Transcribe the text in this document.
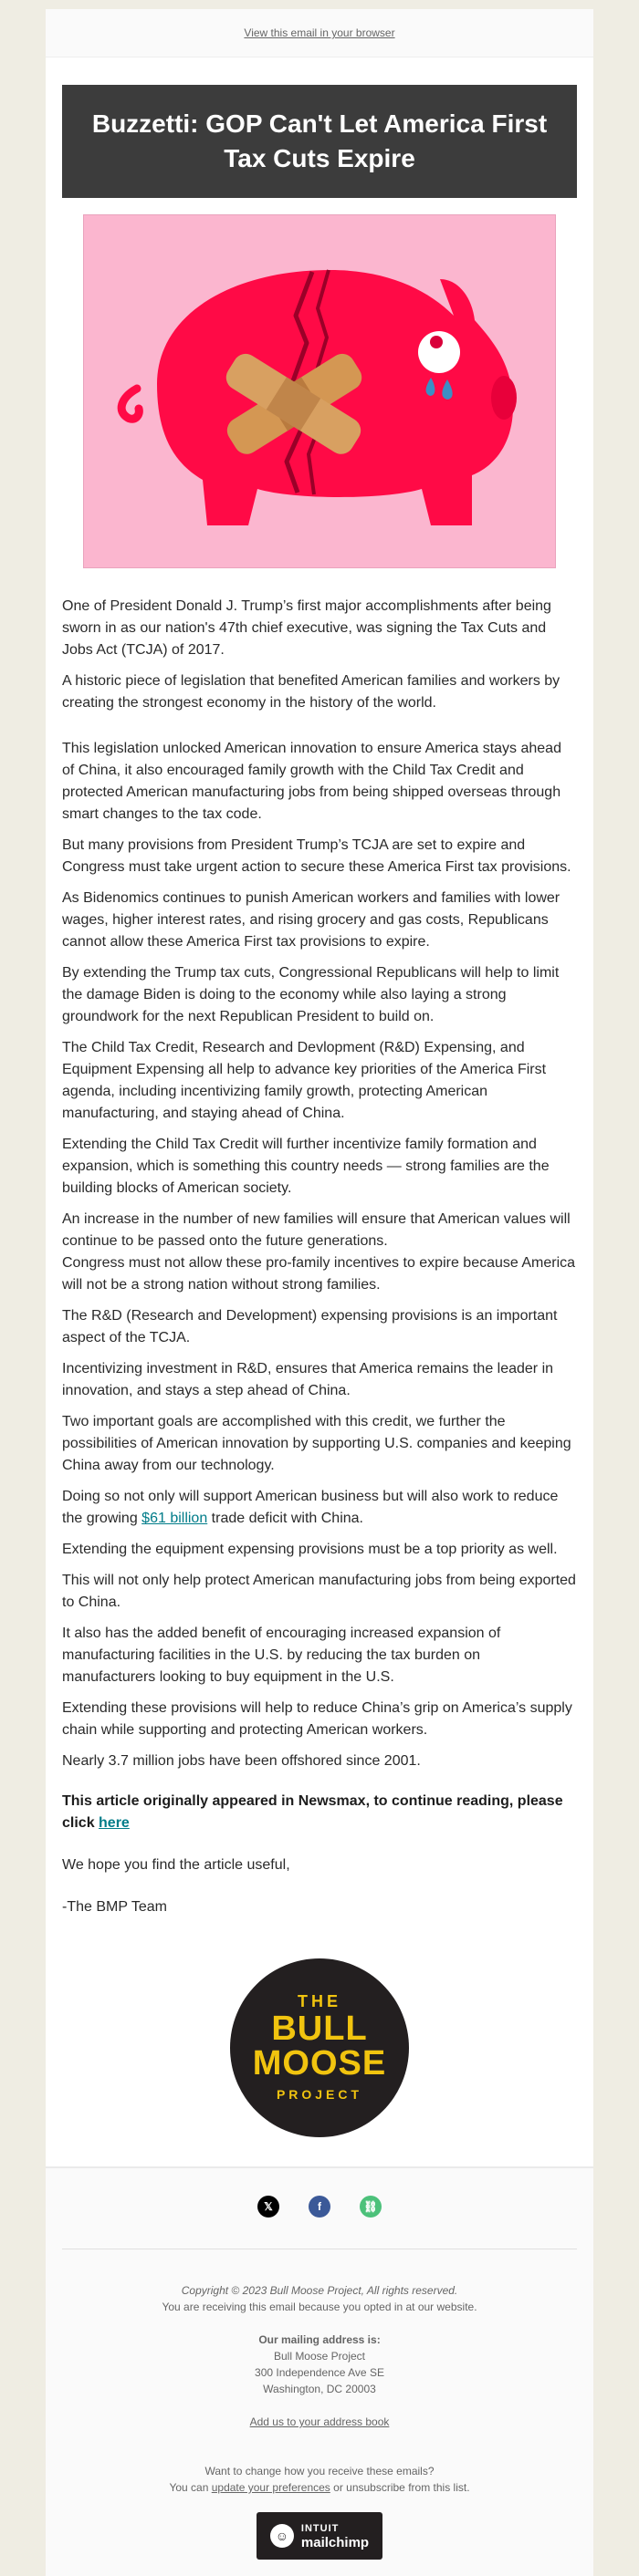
View this email in your browser
Buzzetti: GOP Can't Let America First Tax Cuts Expire

One of President Donald J. Trump’s first major accomplishments after being sworn in as our nation's 47th chief executive, was signing the Tax Cuts and Jobs Act (TCJA) of 2017.

A historic piece of legislation that benefited American families and workers by creating the strongest economy in the history of the world.

This legislation unlocked American innovation to ensure America stays ahead of China, it also encouraged family growth with the Child Tax Credit and protected American manufacturing jobs from being shipped overseas through smart changes to the tax code.

But many provisions from President Trump’s TCJA are set to expire and Congress must take urgent action to secure these America First tax provisions.

As Bidenomics continues to punish American workers and families with lower wages, higher interest rates, and rising grocery and gas costs, Republicans cannot allow these America First tax provisions to expire.

By extending the Trump tax cuts, Congressional Republicans will help to limit the damage Biden is doing to the economy while also laying a strong groundwork for the next Republican President to build on.

The Child Tax Credit, Research and Devlopment (R&D) Expensing, and Equipment Expensing all help to advance key priorities of the America First agenda, including incentivizing family growth, protecting American manufacturing, and staying ahead of China.

Extending the Child Tax Credit will further incentivize family formation and expansion, which is something this country needs — strong families are the building blocks of American society.

An increase in the number of new families will ensure that American values will continue to be passed onto the future generations.
Congress must not allow these pro-family incentives to expire because America will not be a strong nation without strong families.

The R&D (Research and Development) expensing provisions is an important aspect of the TCJA.

Incentivizing investment in R&D, ensures that America remains the leader in innovation, and stays a step ahead of China.

Two important goals are accomplished with this credit, we further the possibilities of American innovation by supporting U.S. companies and keeping China away from our technology.

Doing so not only will support American business but will also work to reduce the growing $61 billion trade deficit with China.

Extending the equipment expensing provisions must be a top priority as well.

This will not only help protect American manufacturing jobs from being exported to China.

It also has the added benefit of encouraging increased expansion of manufacturing facilities in the U.S. by reducing the tax burden on manufacturers looking to buy equipment in the U.S.

Extending these provisions will help to reduce China’s grip on America’s supply chain while supporting and protecting American workers.

Nearly 3.7 million jobs have been offshored since 2001.

This article originally appeared in Newsmax, to continue reading, please click here

We hope you find the article useful,

-The BMP Team

THE
BULL
MOOSE
PROJECT
𝕏	f	⛓
Copyright © 2023 Bull Moose Project, All rights reserved.
You are receiving this email because you opted in at our website.
Our mailing address is:
Bull Moose Project
300 Independence Ave SE
Washington, DC 20003
Add us to your address book
Want to change how you receive these emails?
You can update your preferences or unsubscribe from this list.
☺	INTUIT
mailchimp
